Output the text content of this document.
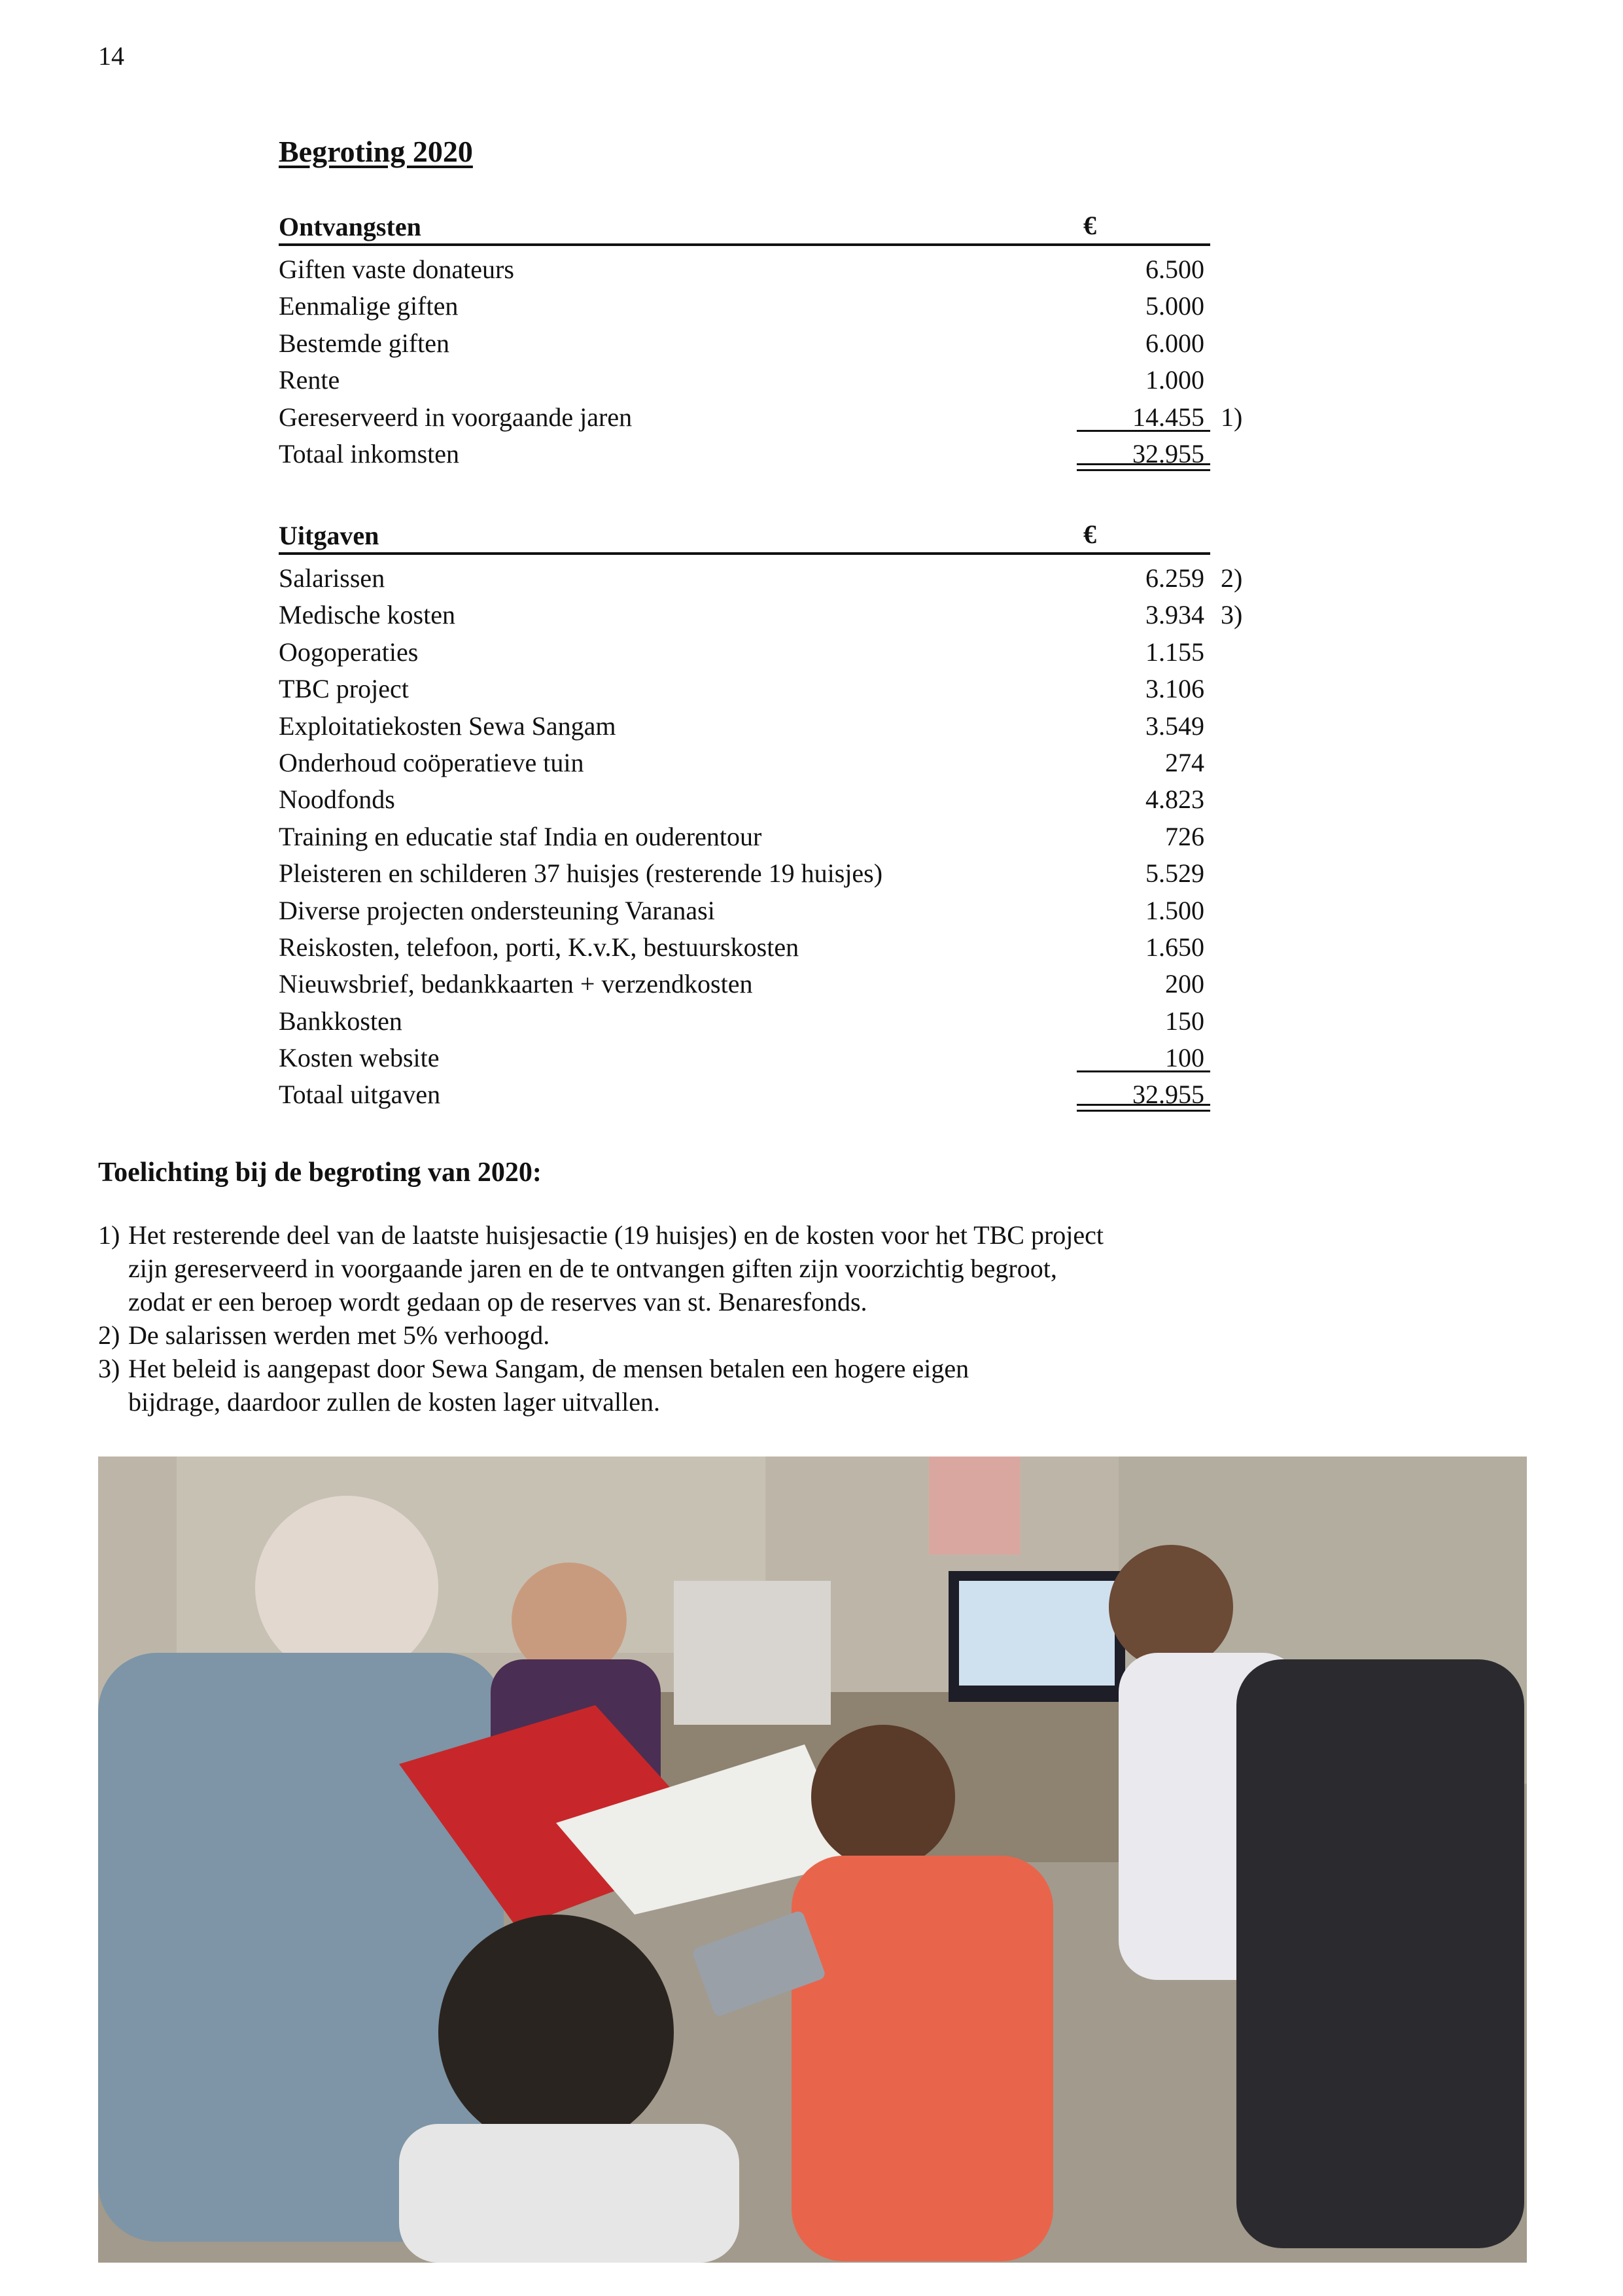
14
Begroting 2020
Ontvangsten	€
Giften vaste donateurs	6.500
Eenmalige giften	5.000
Bestemde giften	6.000
Rente	1.000
Gereserveerd in voorgaande jaren	14.455 1)
Totaal inkomsten	32.955
Uitgaven	€
Salarissen	6.259 2)
Medische kosten	3.934 3)
Oogoperaties	1.155
TBC project	3.106
Exploitatiekosten Sewa Sangam	3.549
Onderhoud coöperatieve tuin	274
Noodfonds	4.823
Training en educatie staf India en ouderentour	726
Pleisteren en schilderen 37 huisjes (resterende 19 huisjes)	5.529
Diverse projecten ondersteuning Varanasi	1.500
Reiskosten, telefoon, porti, K.v.K, bestuurskosten	1.650
Nieuwsbrief, bedankkaarten + verzendkosten	200
Bankkosten	150
Kosten website	100
Totaal uitgaven	32.955
Toelichting bij de begroting van 2020:
1) Het resterende deel van de laatste huisjesactie (19 huisjes) en de kosten voor het TBC project
zijn gereserveerd in voorgaande jaren en de te ontvangen giften zijn voorzichtig begroot,
zodat er een beroep wordt gedaan op de reserves van st. Benaresfonds.
2) De salarissen werden met 5% verhoogd.
3) Het beleid is aangepast door Sewa Sangam, de mensen betalen een hogere eigen
bijdrage, daardoor zullen de kosten lager uitvallen.
